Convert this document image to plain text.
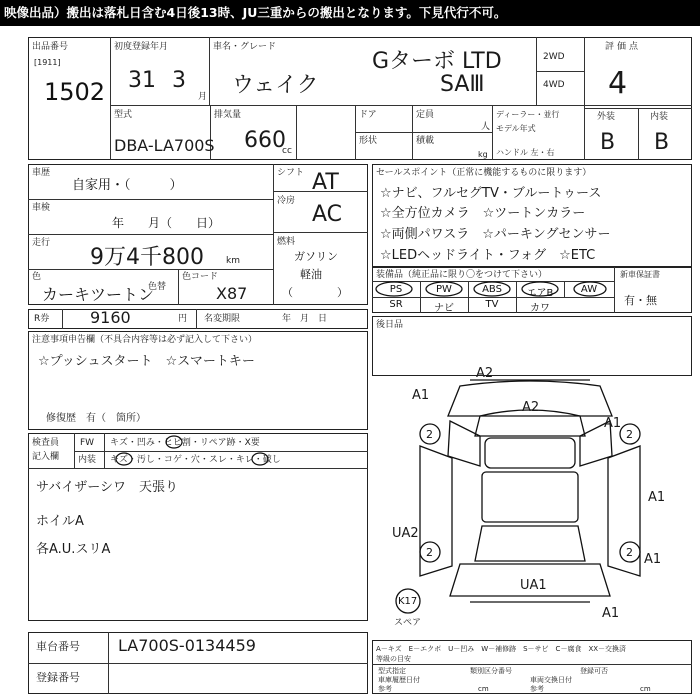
映像出品）搬出は落札日含む4日後13時、JU三重からの搬出となります。下見代行不可。
出品番号
[1911]
1502
初度登録年月
31 3
月
車名・グレード
ウェイク
Gターボ LTD
SAⅢ
2WD
4WD
評価点
4
外装	内装
B B
型式
DBA-LA700S
排気量
660
cc
ドア	定員
人
形状	積載
kg
ディーラー・並行
モデル年式
ハンドル 左・右
車歴
自家用・（　　　）
車検
年　　月（　　日）
走行
9万4千800 km
色
カーキツートン
色替
色コード
X87
シフト AT
冷房
AC
燃料
ガソリン
軽油
（　　　　）
セールスポイント（正常に機能するものに限ります）
☆ナビ、フルセグTV・ブルートゥース
☆全方位カメラ　☆ツートンカラー
☆両側パワスラ　☆パーキングセンサー
☆LEDヘッドライト・フォグ　☆ETC
装備品（純正品に限り〇をつけて下さい）
PS	PW	ABS	エアB	AW
SR	ナビ	TV	カワ
新車保証書
有・無
R券	9160	円 名変期限	年　月　日
注意事項申告欄（不具合内容等は必ず記入して下さい）
☆プッシュスタート　☆スマートキー
修復歴　有（　箇所）
後日品
検査員
記入欄
FW キズ・凹み・ヒビ割・リペア跡・X要
内装 キズ・汚し・コゲ・穴・スレ・キレ・破し
サバイザーシワ　天張り
ホイルA
各A.U.スリA
A1
A2
A2
A1
A1
UA2
A1
UA1
A1
2	2
2	2
K17
スペア
車台番号 LA700S-0134459
登録番号
A－キズ　E－エクボ　U－凹み　W－補修跡　S－サビ　C－腐食　XX－交換済
等級の目安
型式指定	類別区分番号	登録可否
車庫履歴日付	車両交換日付
参考	cm	参考	cm
